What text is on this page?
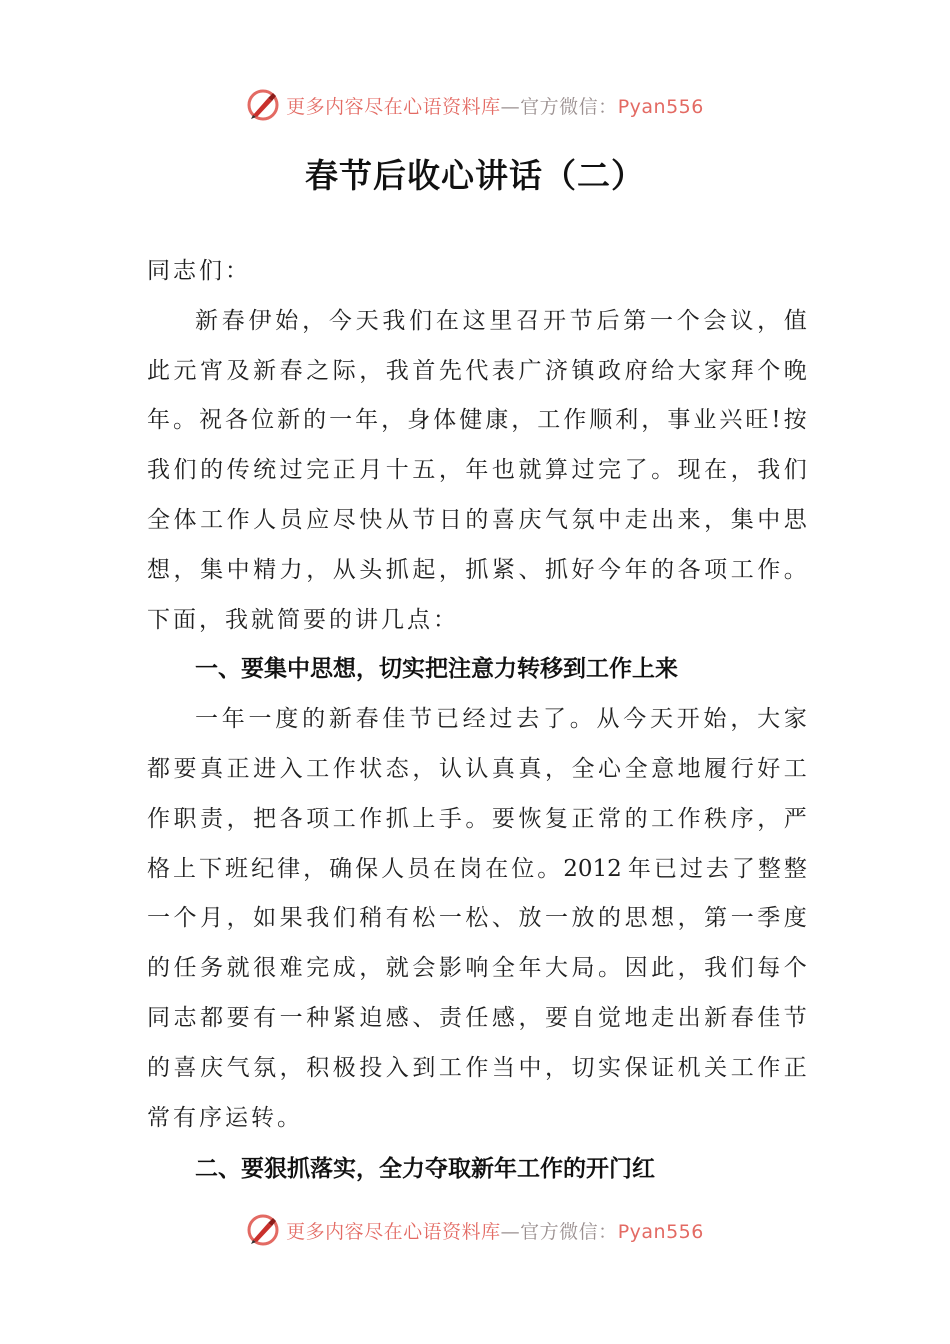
更多内容尽在心语资料库—官方微信：Pyan556
春节后收心讲话（二）
同志们：
新 春 伊 始 ， 今 天 我 们 在 这 里 召 开 节 后 第 一 个 会 议 ， 值
此 元 宵 及 新 春 之 际 ， 我 首 先 代 表 广 济 镇 政 府 给 大 家 拜 个 晚
年 。 祝 各 位 新 的 一 年 ， 身 体 健 康 ， 工 作 顺 利 ， 事 业 兴 旺 ! 按
我 们 的 传 统 过 完 正 月 十 五 ， 年 也 就 算 过 完 了 。 现 在 ， 我 们
全 体 工 作 人 员 应 尽 快 从 节 日 的 喜 庆 气 氛 中 走 出 来 ， 集 中 思
想 ， 集 中 精 力 ， 从 头 抓 起 ， 抓 紧 、 抓 好 今 年 的 各 项 工 作 。
下面，我就简要的讲几点：
一、要集中思想，切实把注意力转移到工作上来
一 年 一 度 的 新 春 佳 节 已 经 过 去 了 。 从 今 天 开 始 ， 大 家
都 要 真 正 进 入 工 作 状 态 ， 认 认 真 真 ， 全 心 全 意 地 履 行 好 工
作 职 责 ， 把 各 项 工 作 抓 上 手 。 要 恢 复 正 常 的 工 作 秩 序 ， 严
格 上 下 班 纪 律 ， 确 保 人 员 在 岗 在 位 。 2012 年 已 过 去 了 整 整
一 个 月 ， 如 果 我 们 稍 有 松 一 松 、 放 一 放 的 思 想 ， 第 一 季 度
的 任 务 就 很 难 完 成 ， 就 会 影 响 全 年 大 局 。 因 此 ， 我 们 每 个
同 志 都 要 有 一 种 紧 迫 感 、 责 任 感 ， 要 自 觉 地 走 出 新 春 佳 节
的 喜 庆 气 氛 ， 积 极 投 入 到 工 作 当 中 ， 切 实 保 证 机 关 工 作 正
常有序运转。
二、要狠抓落实，全力夺取新年工作的开门红
更多内容尽在心语资料库—官方微信：Pyan556
